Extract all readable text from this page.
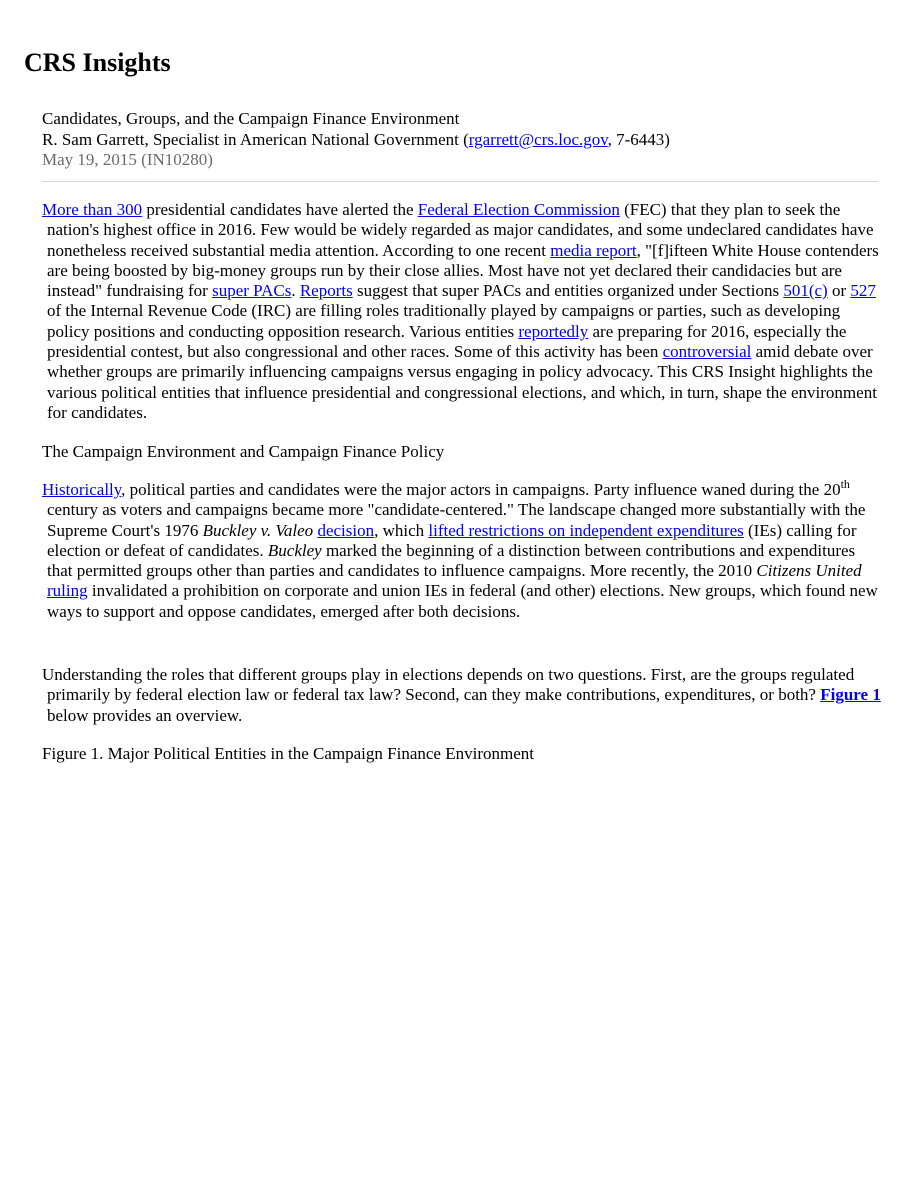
CRS Insights
Candidates, Groups, and the Campaign Finance Environment
R. Sam Garrett, Specialist in American National Government (rgarrett@crs.loc.gov, 7-6443)
May 19, 2015 (IN10280)

More than 300 presidential candidates have alerted the Federal Election Commission (FEC) that they plan to seek the nation's highest office in 2016. Few would be widely regarded as major candidates, and some undeclared candidates have nonetheless received substantial media attention. According to one recent media report, "[f]ifteen White House contenders are being boosted by big-money groups run by their close allies. Most have not yet declared their candidacies but are instead" fundraising for super PACs. Reports suggest that super PACs and entities organized under Sections 501(c) or 527 of the Internal Revenue Code (IRC) are filling roles traditionally played by campaigns or parties, such as developing policy positions and conducting opposition research. Various entities reportedly are preparing for 2016, especially the presidential contest, but also congressional and other races. Some of this activity has been controversial amid debate over whether groups are primarily influencing campaigns versus engaging in policy advocacy. This CRS Insight highlights the various political entities that influence presidential and congressional elections, and which, in turn, shape the environment for candidates.

The Campaign Environment and Campaign Finance Policy

Historically, political parties and candidates were the major actors in campaigns. Party influence waned during the 20th century as voters and campaigns became more "candidate-centered." The landscape changed more substantially with the Supreme Court's 1976 Buckley v. Valeo decision, which lifted restrictions on independent expenditures (IEs) calling for election or defeat of candidates. Buckley marked the beginning of a distinction between contributions and expenditures that permitted groups other than parties and candidates to influence campaigns. More recently, the 2010 Citizens United ruling invalidated a prohibition on corporate and union IEs in federal (and other) elections. New groups, which found new ways to support and oppose candidates, emerged after both decisions.

Understanding the roles that different groups play in elections depends on two questions. First, are the groups regulated primarily by federal election law or federal tax law? Second, can they make contributions, expenditures, or both? Figure 1 below provides an overview.

Figure 1. Major Political Entities in the Campaign Finance Environment
